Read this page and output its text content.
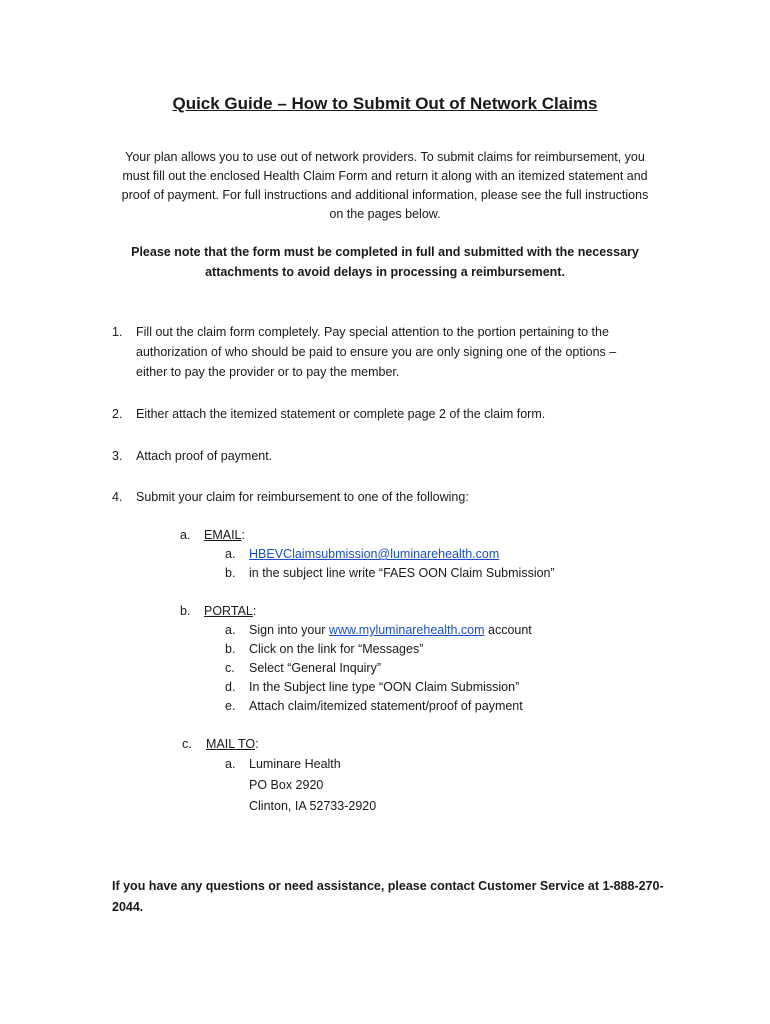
Quick Guide – How to Submit Out of Network Claims

Your plan allows you to use out of network providers. To submit claims for reimbursement, you

must fill out the enclosed Health Claim Form and return it along with an itemized statement and

proof of payment. For full instructions and additional information, please see the full instructions

on the pages below.

Please note that the form must be completed in full and submitted with the necessary
attachments to avoid delays in processing a reimbursement.
1. Fill out the claim form completely. Pay special attention to the portion pertaining to the
authorization of who should be paid to ensure you are only signing one of the options –
either to pay the provider or to pay the member.
2. Either attach the itemized statement or complete page 2 of the claim form.
3. Attach proof of payment.
4. Submit your claim for reimbursement to one of the following:
a. EMAIL:
a. HBEVClaimsubmission@luminarehealth.com
b. in the subject line write “FAES OON Claim Submission”
b. PORTAL:
a. Sign into your www.myluminarehealth.com account
b. Click on the link for “Messages”
c. Select “General Inquiry”
d. In the Subject line type “OON Claim Submission”
e. Attach claim/itemized statement/proof of payment
c. MAIL TO:
a. Luminare Health
PO Box 2920
Clinton, IA 52733-2920
If you have any questions or need assistance, please contact Customer Service at 1-888-270-
2044.
